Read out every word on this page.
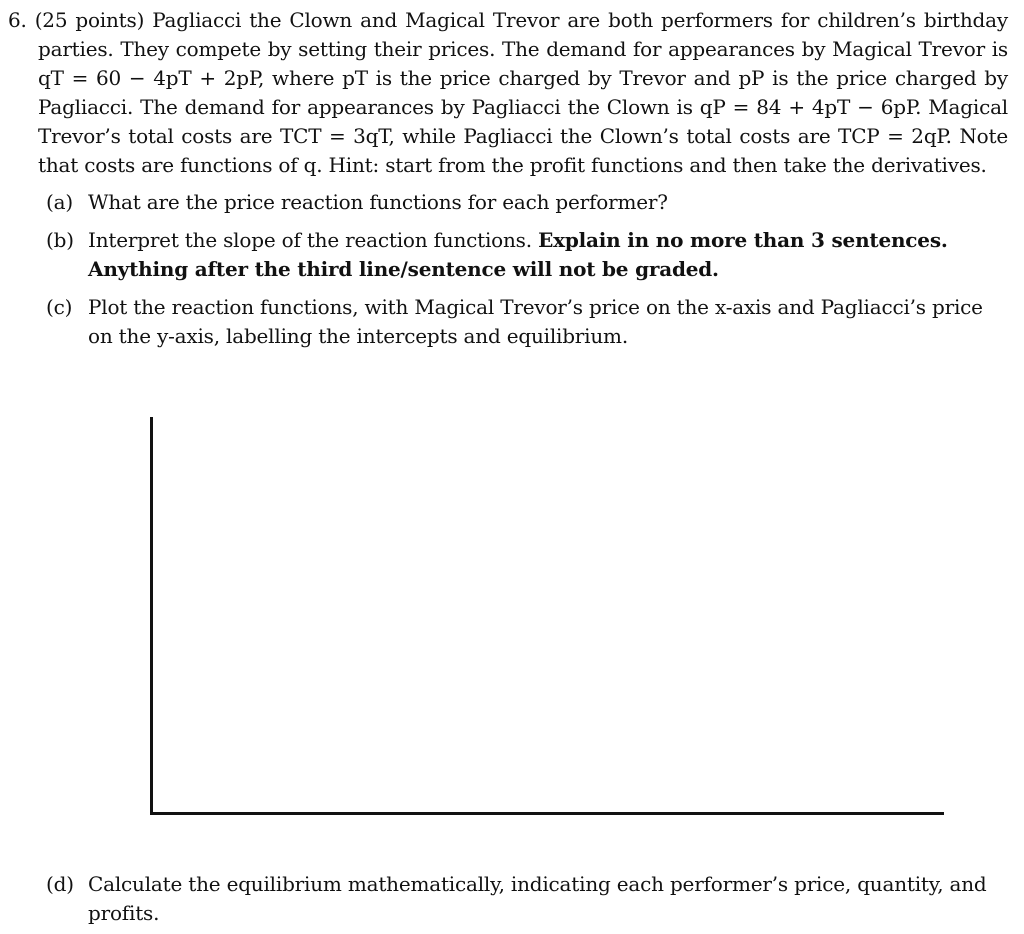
6. (25 points) Pagliacci the Clown and Magical Trevor are both performers for children’s birthday parties. They compete by setting their prices. The demand for appearances by Magical Trevor is qT = 60 − 4pT + 2pP, where pT is the price charged by Trevor and pP is the price charged by Pagliacci. The demand for appearances by Pagliacci the Clown is qP = 84 + 4pT − 6pP. Magical Trevor’s total costs are TCT = 3qT, while Pagliacci the Clown’s total costs are TCP = 2qP. Note that costs are functions of q. Hint: start from the profit functions and then take the derivatives.

(a) What are the price reaction functions for each performer?
(b) Interpret the slope of the reaction functions. Explain in no more than 3 sentences. Anything after the third line/sentence will not be graded.
(c) Plot the reaction functions, with Magical Trevor’s price on the x-axis and Pagliacci’s price on the y-axis, labelling the intercepts and equilibrium.
(d) Calculate the equilibrium mathematically, indicating each performer’s price, quantity, and profits.
